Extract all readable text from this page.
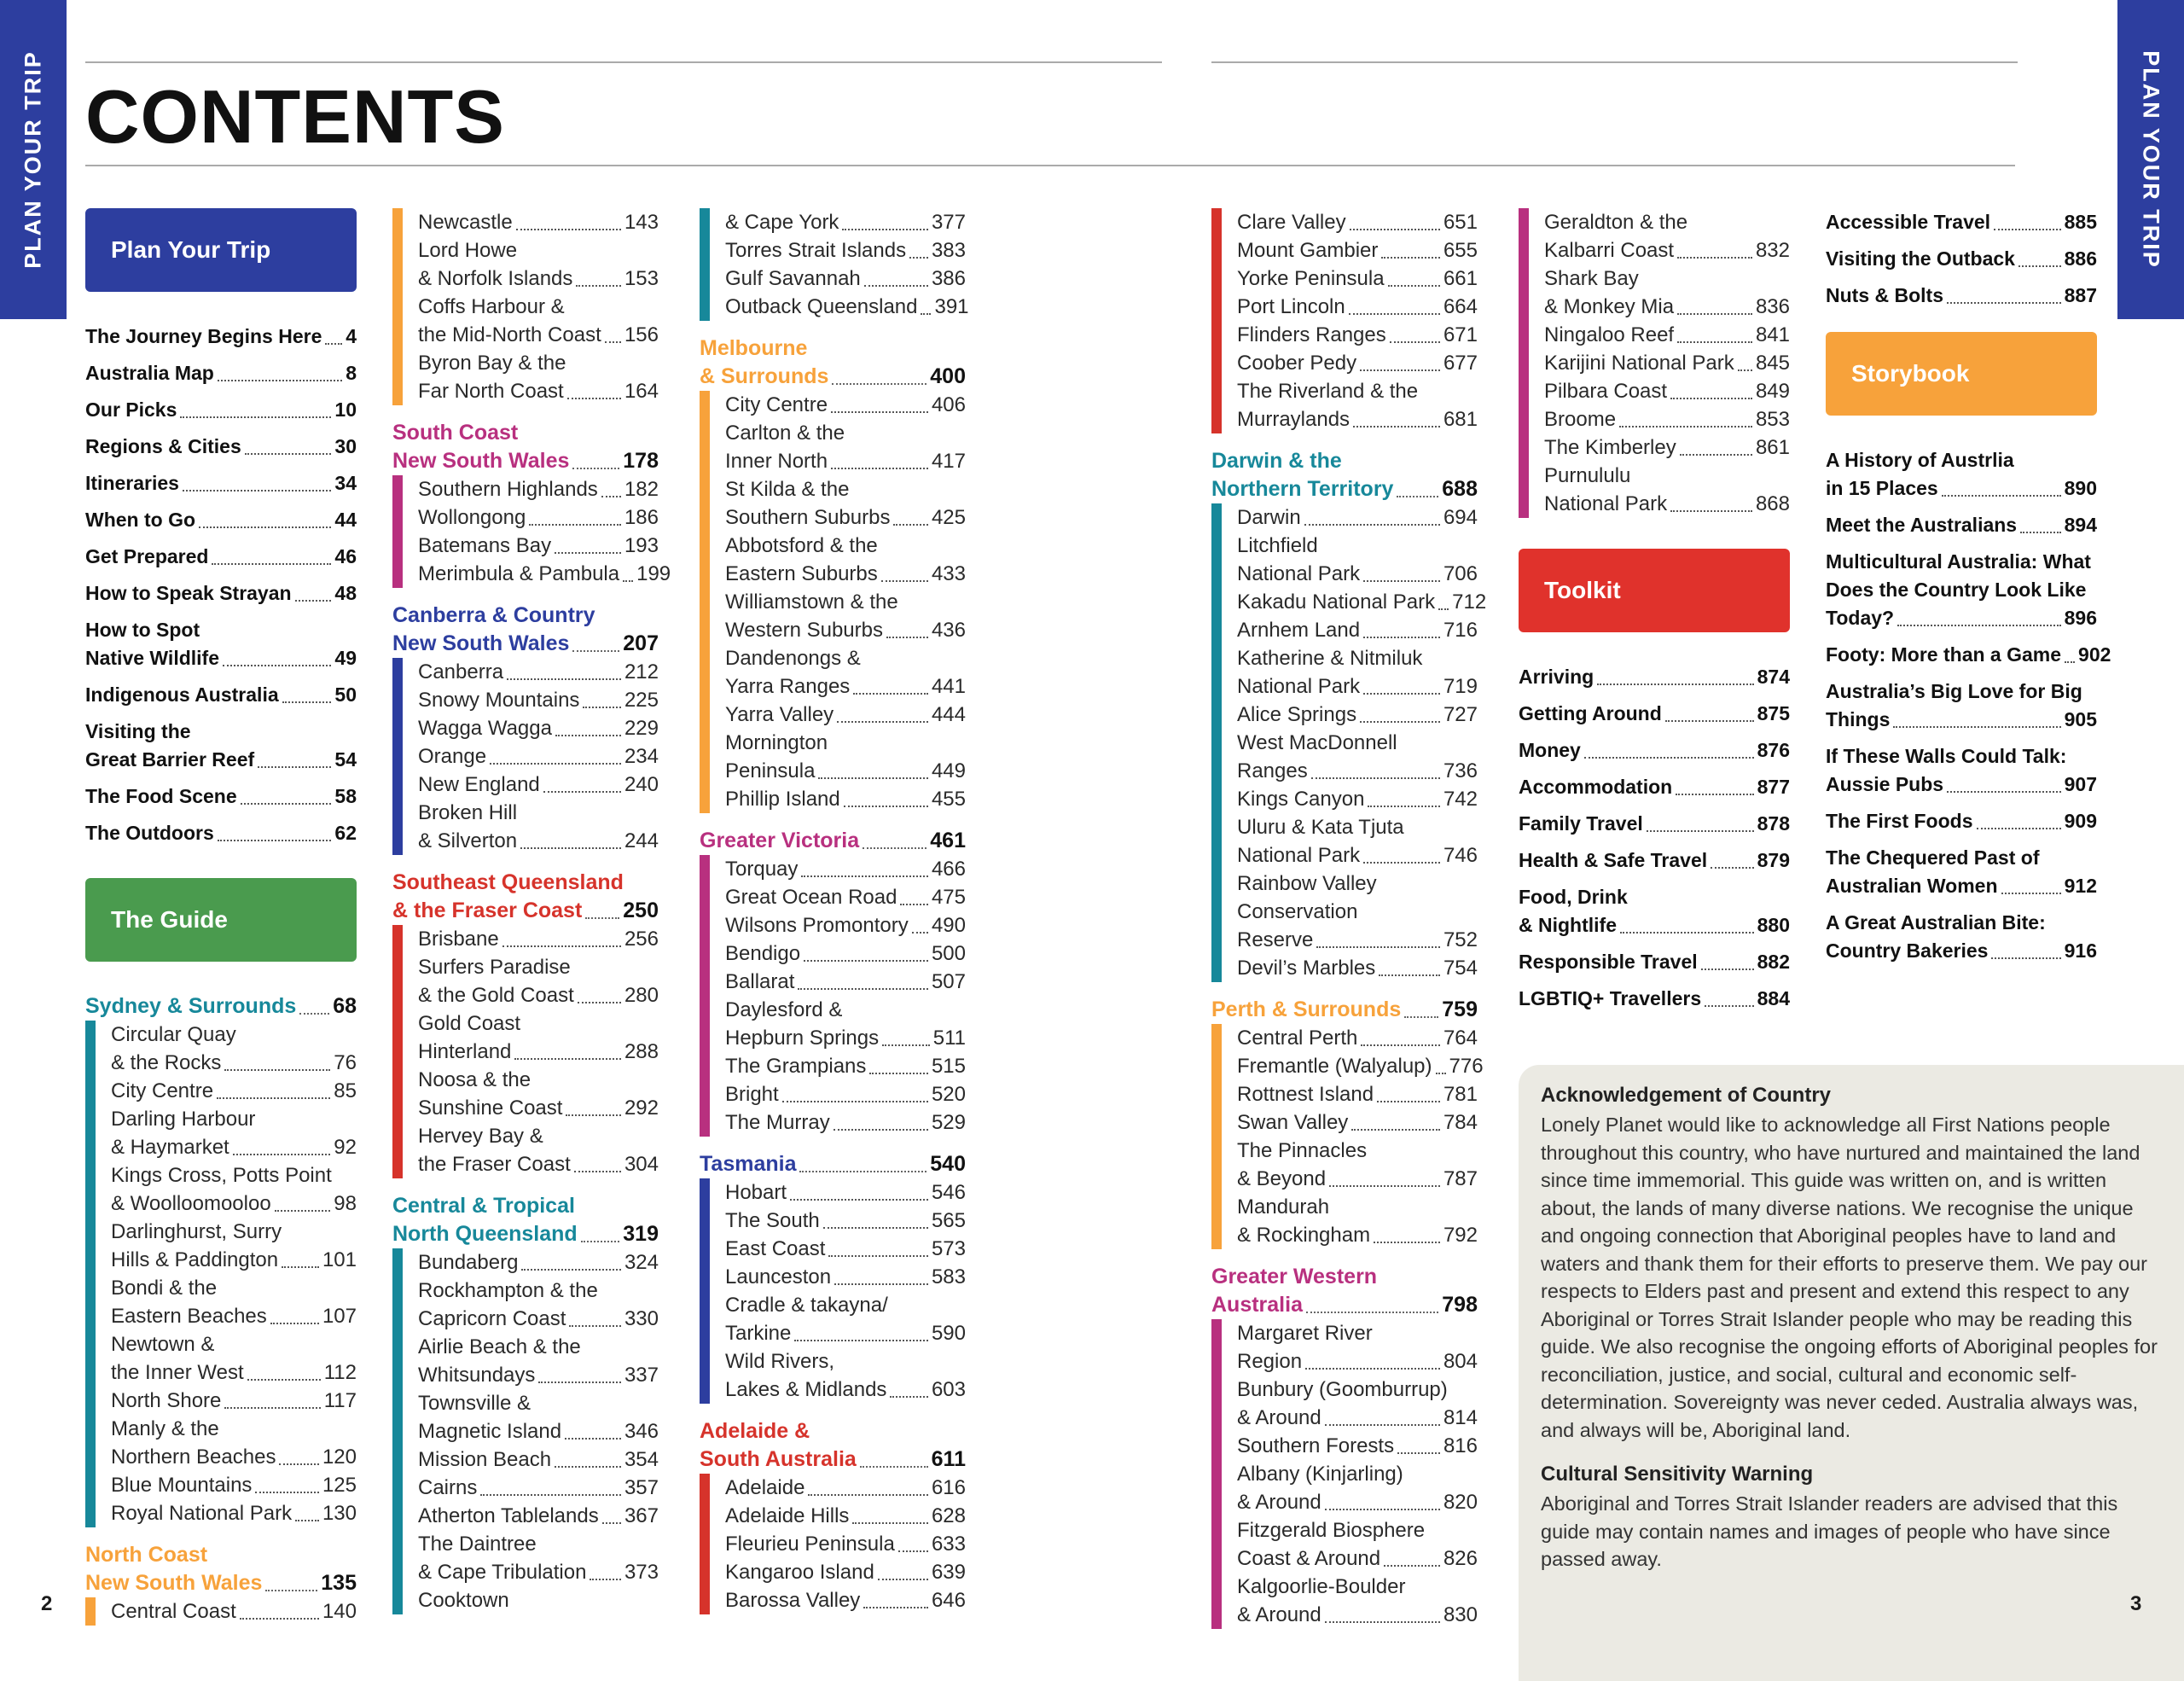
PLAN YOUR TRIP	PLAN YOUR TRIP
CONTENTS
Plan Your Trip
The Journey Begins Here 4
Australia Map	8
Our Picks	10
Regions & Cities	30
Itineraries	34
When to Go	44
Get Prepared	46
How to Speak Strayan 48
How to Spot
Native Wildlife	49
Indigenous Australia	50
Visiting the
Great Barrier Reef	54
The Food Scene	58
The Outdoors	62
The Guide
Sydney & Surrounds 68
Circular Quay
& the Rocks	76
City Centre	85
Darling Harbour
& Haymarket	92
Kings Cross, Potts Point
& Woolloomooloo	98
Darlinghurst, Surry
Hills & Paddington 101
Bondi & the
Eastern Beaches	107
Newtown &
the Inner West	112
North Shore	117
Manly & the
Northern Beaches 120
Blue Mountains	125
Royal National Park 130
North Coast
New South Wales	135
Central Coast	140
Newcastle	143
Lord Howe
& Norfolk Islands	153
Coffs Harbour &
the Mid-North Coast 156
Byron Bay & the
Far North Coast	164
South Coast
New South Wales	178
Southern Highlands 182
Wollongong	186
Batemans Bay	193
Merimbula & Pambula 199
Canberra & Country
New South Wales	207
Canberra	212
Snowy Mountains 225
Wagga Wagga	229
Orange	234
New England	240
Broken Hill
& Silverton	244
Southeast Queensland
& the Fraser Coast 250
Brisbane	256
Surfers Paradise
& the Gold Coast 280
Gold Coast
Hinterland	288
Noosa & the
Sunshine Coast	292
Hervey Bay &
the Fraser Coast	304
Central & Tropical
North Queensland 319
Bundaberg	324
Rockhampton & the
Capricorn Coast	330
Airlie Beach & the
Whitsundays	337
Townsville &
Magnetic Island	346
Mission Beach	354
Cairns	357
Atherton Tablelands 367
The Daintree
& Cape Tribulation 373
Cooktown
& Cape York	377
Torres Strait Islands 383
Gulf Savannah	386
Outback Queensland 391
Melbourne
& Surrounds	400
City Centre	406
Carlton & the
Inner North	417
St Kilda & the
Southern Suburbs 425
Abbotsford & the
Eastern Suburbs	433
Williamstown & the
Western Suburbs 436
Dandenongs &
Yarra Ranges	441
Yarra Valley	444
Mornington
Peninsula	449
Phillip Island	455
Greater Victoria	461
Torquay	466
Great Ocean Road 475
Wilsons Promontory 490
Bendigo	500
Ballarat	507
Daylesford &
Hepburn Springs	511
The Grampians	515
Bright	520
The Murray	529
Tasmania	540
Hobart	546
The South	565
East Coast	573
Launceston	583
Cradle & takayna/
Tarkine	590
Wild Rivers,
Lakes & Midlands 603
Adelaide &
South Australia	611
Adelaide	616
Adelaide Hills	628
Fleurieu Peninsula 633
Kangaroo Island	639
Barossa Valley	646
Clare Valley	651
Mount Gambier	655
Yorke Peninsula	661
Port Lincoln	664
Flinders Ranges	671
Coober Pedy	677
The Riverland & the
Murraylands	681
Darwin & the
Northern Territory 688
Darwin	694
Litchfield
National Park	706
Kakadu National Park 712
Arnhem Land	716
Katherine & Nitmiluk
National Park	719
Alice Springs	727
West MacDonnell
Ranges	736
Kings Canyon	742
Uluru & Kata Tjuta
National Park	746
Rainbow Valley
Conservation
Reserve	752
Devil’s Marbles	754
Perth & Surrounds 759
Central Perth	764
Fremantle (Walyalup) 776
Rottnest Island	781
Swan Valley	784
The Pinnacles
& Beyond	787
Mandurah
& Rockingham	792
Greater Western
Australia	798
Margaret River
Region	804
Bunbury (Goomburrup)
& Around	814
Southern Forests 816
Albany (Kinjarling)
& Around	820
Fitzgerald Biosphere
Coast & Around	826
Kalgoorlie-Boulder
& Around	830
Geraldton & the
Kalbarri Coast	832
Shark Bay
& Monkey Mia	836
Ningaloo Reef	841
Karijini National Park 845
Pilbara Coast	849
Broome	853
The Kimberley	861
Purnululu
National Park	868
Toolkit
Arriving	874
Getting Around	875
Money	876
Accommodation	877
Family Travel	878
Health & Safe Travel	879
Food, Drink
& Nightlife	880
Responsible Travel	882
LGBTIQ+ Travellers	884
Accessible Travel	885
Visiting the Outback	886
Nuts & Bolts	887
Storybook
A History of Austrlia
in 15 Places	890
Meet the Australians 894
Multicultural Australia: What
Does the Country Look Like
Today?	896
Footy: More than a Game 902
Australia’s Big Love for Big
Things	905
If These Walls Could Talk:
Aussie Pubs	907
The First Foods	909
The Chequered Past of
Australian Women	912
A Great Australian Bite:
Country Bakeries	916
Acknowledgement of Country

Lonely Planet would like to acknowledge all First Nations people throughout this country, who have nurtured and maintained the land since time immemorial. This guide was written on, and is written about, the lands of many diverse nations. We recognise the unique and ongoing connection that Aboriginal peoples have to land and waters and thank them for their efforts to preserve them. We pay our respects to Elders past and present and extend this respect to any Aboriginal or Torres Strait Islander people who may be reading this guide. We also recognise the ongoing efforts of Aboriginal peoples for reconciliation, justice, and social, cultural and economic self-determination. Sovereignty was never ceded. Australia always was, and always will be, Aboriginal land.

Cultural Sensitivity Warning

Aboriginal and Torres Strait Islander readers are advised that this guide may contain names and images of people who have since passed away.

2	3
